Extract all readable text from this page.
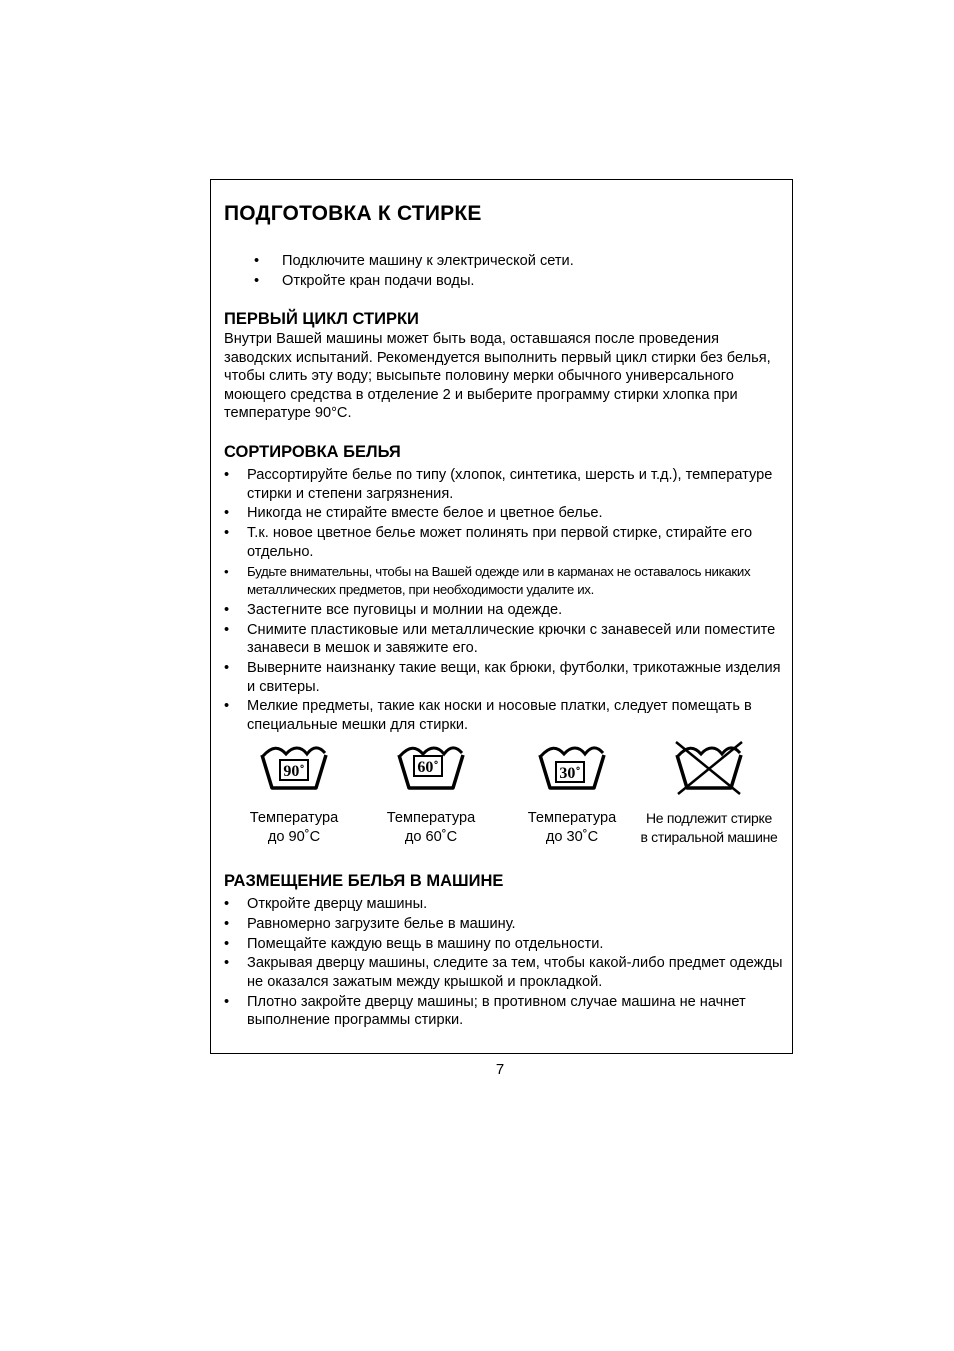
ПОДГОТОВКА К СТИРКЕ
• Подключите машину к электрической сети.
• Откройте кран подачи воды.
ПЕРВЫЙ ЦИКЛ СТИРКИ

Внутри Вашей машины может быть вода, оставшаяся после проведения заводских испытаний. Рекомендуется выполнить первый цикл стирки без белья, чтобы слить эту воду; высыпьте половину мерки обычного универсального моющего средства в отделение 2 и выберите программу стирки хлопка при температуре 90°С.

СОРТИРОВКА БЕЛЬЯ
• Рассортируйте белье по типу (хлопок, синтетика, шерсть и т.д.), температуре стирки и степени загрязнения.
• Никогда не стирайте вместе белое и цветное белье.
• Т.к. новое цветное белье может полинять при первой стирке, стирайте его отдельно.
• Будьте внимательны, чтобы на Вашей одежде или в карманах не оставалось никаких металлических предметов, при необходимости удалите их.
• Застегните все пуговицы и молнии на одежде.
• Снимите пластиковые или металлические крючки с занавесей или поместите занавеси в мешок и завяжите его.
• Выверните наизнанку такие вещи, как брюки, футболки, трикотажные изделия и свитеры.
• Мелкие предметы, такие как носки и носовые платки, следует помещать в специальные мешки для стирки.
90˚
Температура
до 90˚С
60˚
Температура
до 60˚С
30˚
Температура
до 30˚С
Не подлежит стирке
в стиральной машине
РАЗМЕЩЕНИЕ БЕЛЬЯ В МАШИНЕ
• Откройте дверцу машины.
• Равномерно загрузите белье в машину.
• Помещайте каждую вещь в машину по отдельности.
• Закрывая дверцу машины, следите за тем, чтобы какой-либо предмет одежды не оказался зажатым между крышкой и прокладкой.
• Плотно закройте дверцу машины; в противном случае машина не начнет выполнение программы стирки.
7
